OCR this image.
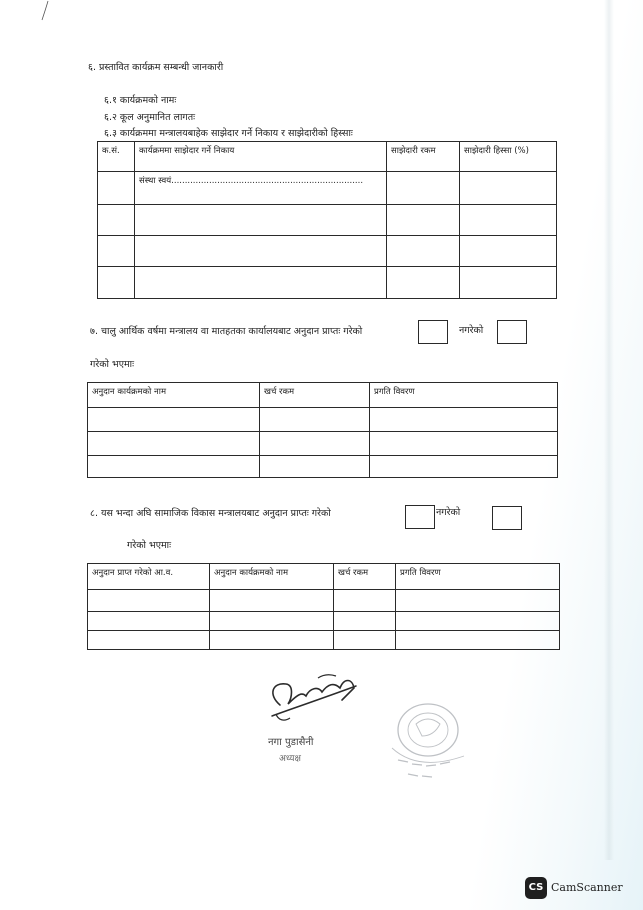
६. प्रस्तावित कार्यक्रम सम्बन्धी जानकारी
६.१ कार्यक्रमको नामः
६.२ कूल अनुमानित लागतः
६.३ कार्यक्रममा मन्त्रालयबाहेक साझेदार गर्ने निकाय र साझेदारीको हिस्साः
क.सं.	कार्यक्रममा साझेदार गर्ने निकाय	साझेदारी रकम	साझेदारी हिस्सा (%)
	संस्था स्वयं.......................................................................		

७. चालु आर्थिक वर्षमा मन्त्रालय वा मातहतका कार्यालयबाट अनुदान प्राप्तः गरेको	नगरेको
गरेको भएमाः
अनुदान कार्यक्रमको नाम	खर्च रकम	प्रगति विवरण

८. यस भन्दा अघि सामाजिक विकास मन्त्रालयबाट अनुदान प्राप्तः गरेको	नगरेको
गरेको भएमाः
अनुदान प्राप्त गरेको आ.व.	अनुदान कार्यक्रमको नाम	खर्च रकम	प्रगति विवरण

नगा पुडासैनी
अध्यक्ष
CS CamScanner
